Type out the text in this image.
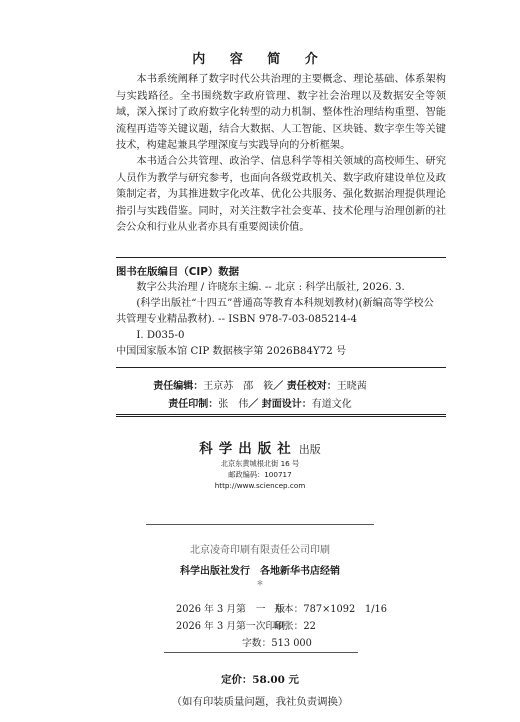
内 容 简 介

本书系统阐释了数字时代公共治理的主要概念、理论基础、体系架构与实践路径。全书围绕数字政府管理、数字社会治理以及数据安全等领域，深入探讨了政府数字化转型的动力机制、整体性治理结构重塑、智能流程再造等关键议题，结合大数据、人工智能、区块链、数字孪生等关键技术，构建起兼具学理深度与实践导向的分析框架。

本书适合公共管理、政治学、信息科学等相关领域的高校师生、研究人员作为教学与研究参考，也面向各级党政机关、数字政府建设单位及政策制定者，为其推进数字化改革、优化公共服务、强化数据治理提供理论指引与实践借鉴。同时，对关注数字社会变革、技术伦理与治理创新的社会公众和行业从业者亦具有重要阅读价值。

图书在版编目（CIP）数据
数字公共治理 / 许晓东主编. -- 北京 : 科学出版社, 2026. 3.
(科学出版社“十四五”普通高等教育本科规划教材)(新编高等学校公
共管理专业精品教材). -- ISBN 978-7-03-085214-4
Ⅰ. D035-0
中国国家版本馆 CIP 数据核字第 2026B84Y72 号
责任编辑：王京苏　邵　筱／ 责任校对：王晓茜
责任印制：张　伟／ 封面设计：有道文化
科学出版社 出版
北京东黄城根北街 16 号
邮政编码：100717
http://www.sciencep.com
北京凌奇印刷有限责任公司印刷
科学出版社发行　各地新华书店经销
＊
2026 年 3 月第　一　版
开本：787×1092　1/16
2026 年 3 月第一次印刷
印张：22
字数：513 000
定价：58.00 元
（如有印装质量问题，我社负责调换）
